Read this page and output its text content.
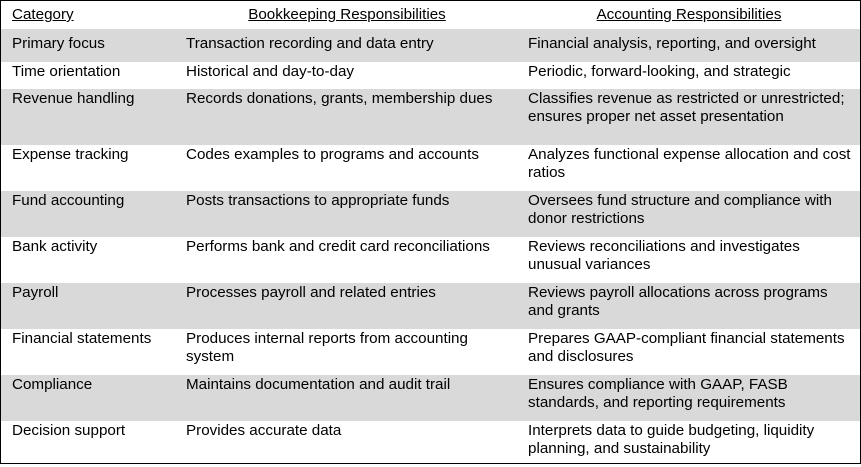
Category	Bookkeeping Responsibilities	Accounting Responsibilities
Primary focus	Transaction recording and data entry	Financial analysis, reporting, and oversight
Time orientation	Historical and day-to-day	Periodic, forward-looking, and strategic
Revenue handling	Records donations, grants, membership dues	Classifies revenue as restricted or unrestricted; ensures proper net asset presentation
Expense tracking	Codes examples to programs and accounts	Analyzes functional expense allocation and cost ratios
Fund accounting	Posts transactions to appropriate funds	Oversees fund structure and compliance with donor restrictions
Bank activity	Performs bank and credit card reconciliations	Reviews reconciliations and investigates unusual variances
Payroll	Processes payroll and related entries	Reviews payroll allocations across programs and grants
Financial statements	Produces internal reports from accounting system	Prepares GAAP-compliant financial statements and disclosures
Compliance	Maintains documentation and audit trail	Ensures compliance with GAAP, FASB standards, and reporting requirements
Decision support	Provides accurate data	Interprets data to guide budgeting, liquidity planning, and sustainability
